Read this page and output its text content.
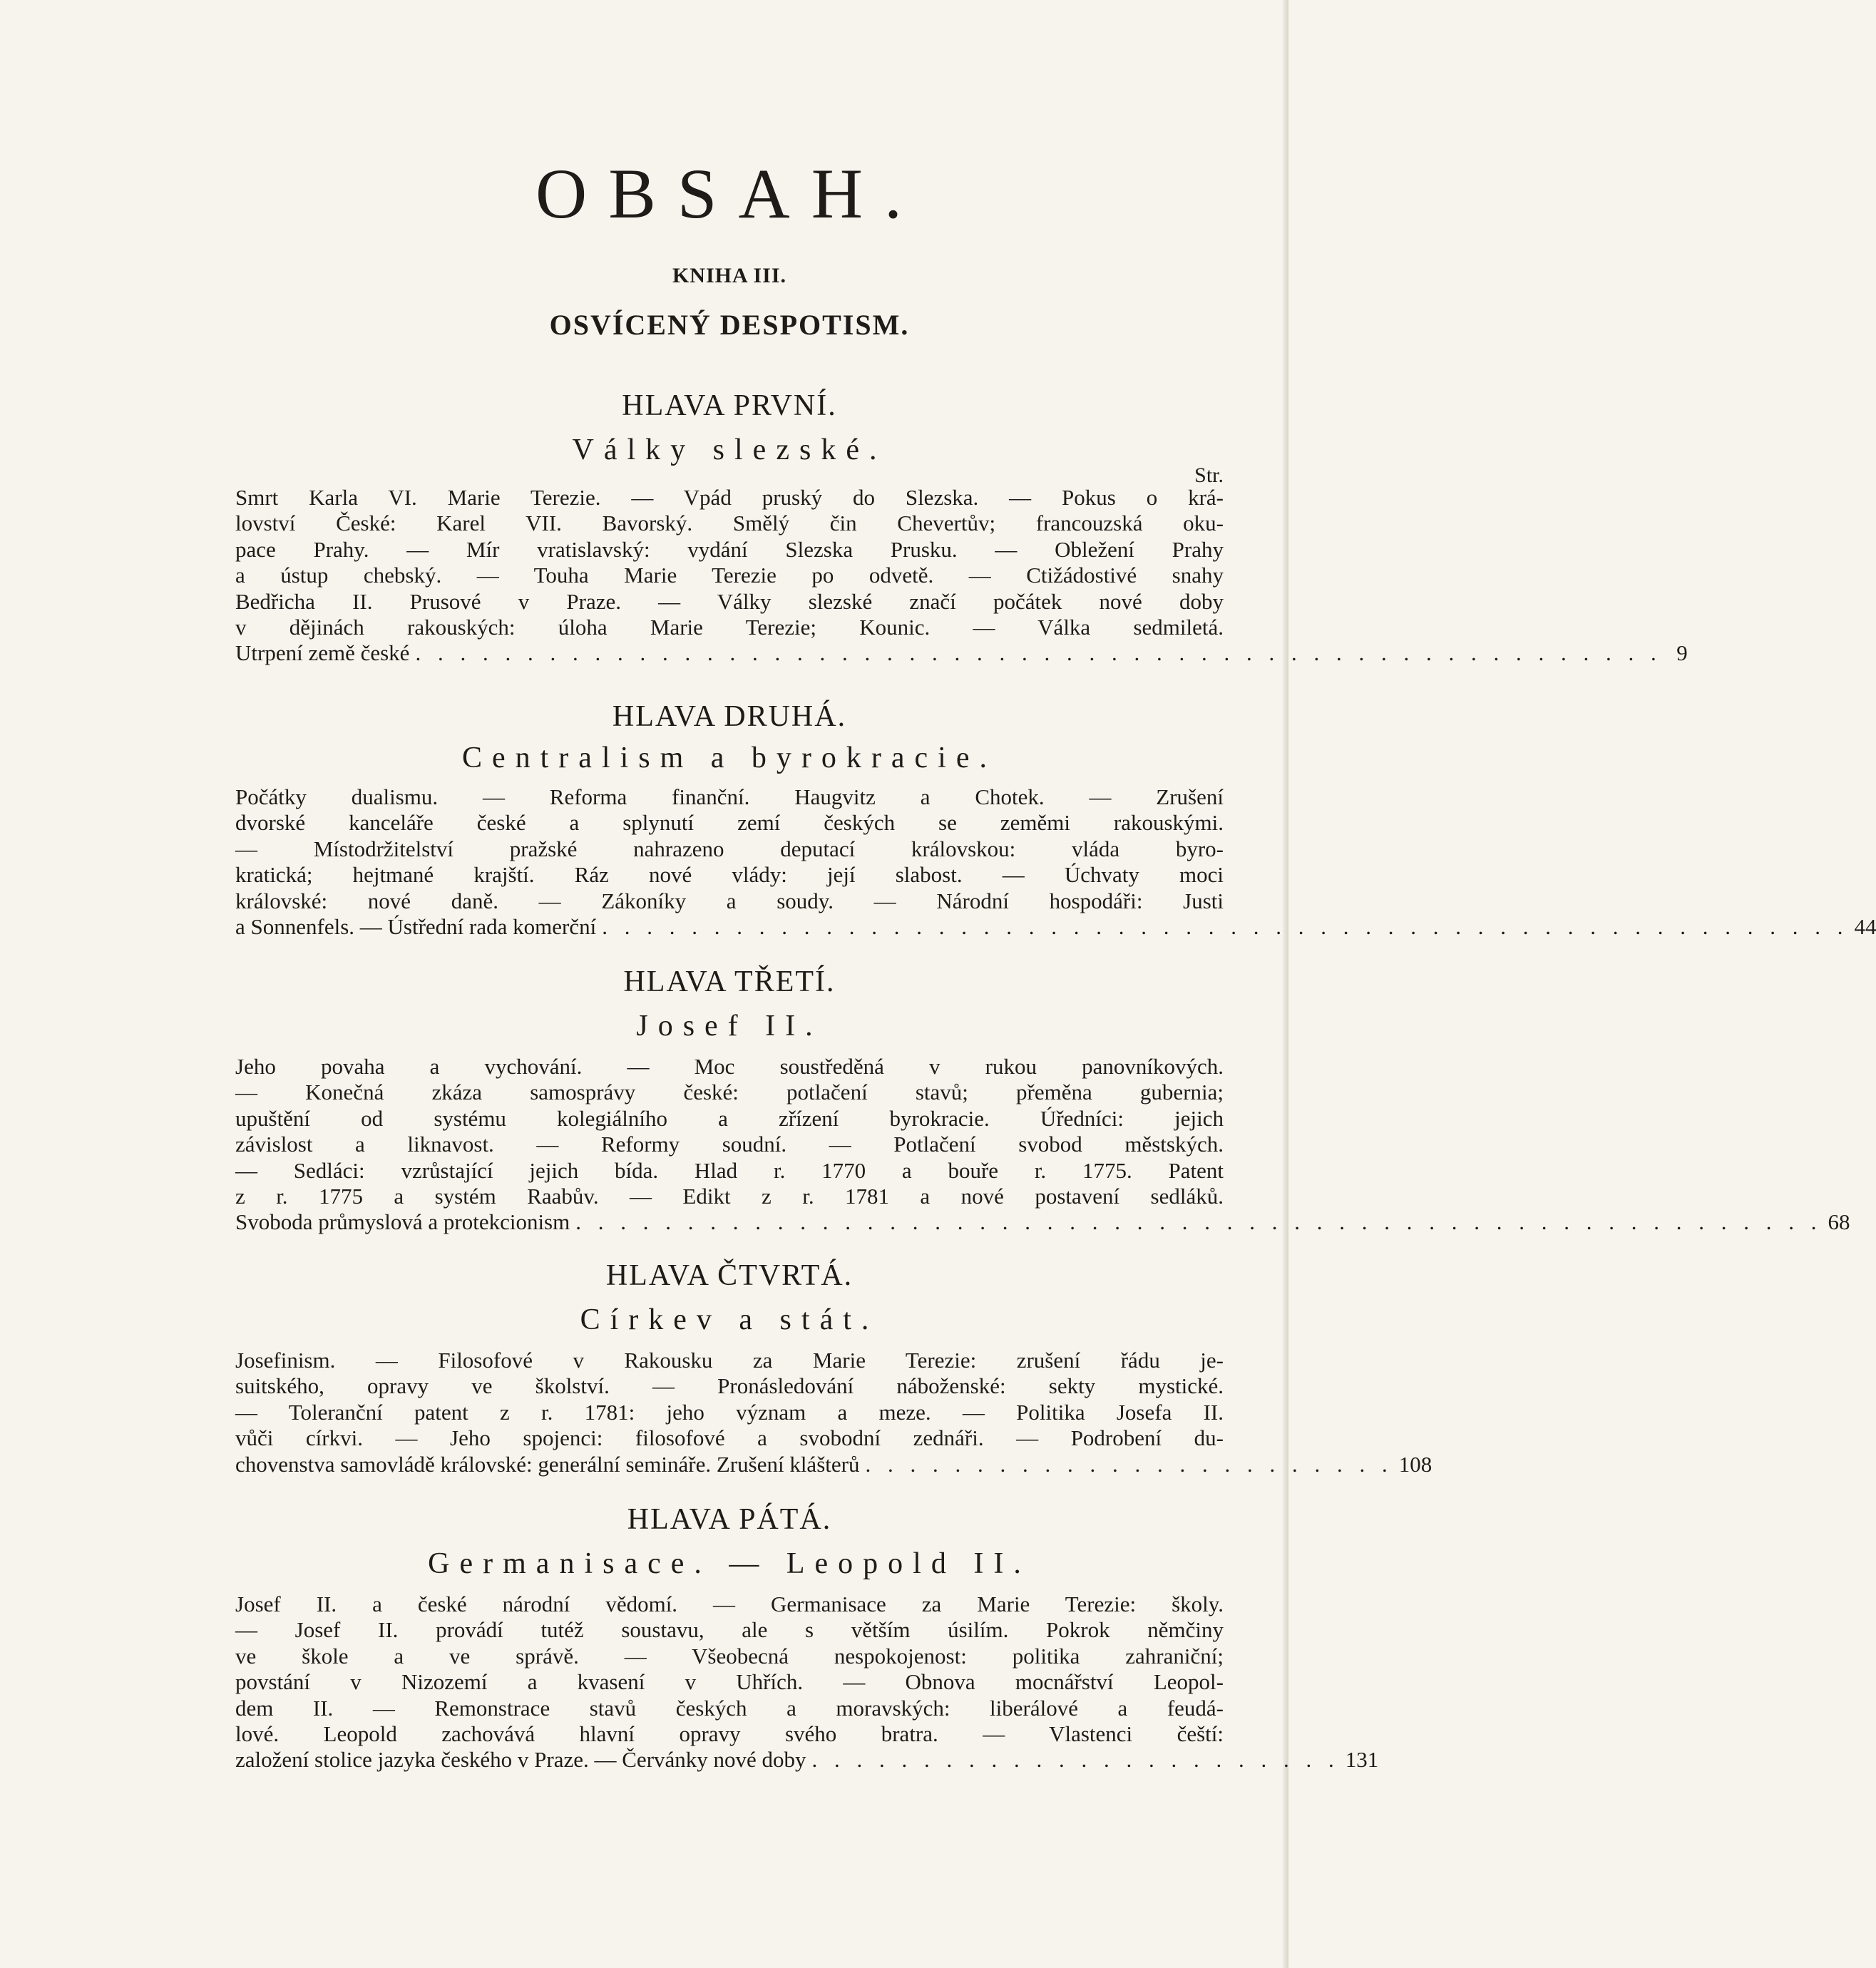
OBSAH.
KNIHA III.
OSVÍCENÝ DESPOTISM.
HLAVA PRVNÍ.
Války slezské.
Str.
Smrt Karla VI. Marie Terezie. — Vpád pruský do Slezska. — Pokus o krá-
lovství České: Karel VII. Bavorský. Smělý čin Chevertův; francouzská oku-
pace Prahy. — Mír vratislavský: vydání Slezska Prusku. — Obležení Prahy
a ústup chebský. — Touha Marie Terezie po odvetě. — Ctižádostivé snahy
Bedřicha II. Prusové v Praze. — Války slezské značí počátek nové doby
v dějinách rakouských: úloha Marie Terezie; Kounic. — Válka sedmiletá.
Utrpení země české . . . . . . . . . . . . . . . . . . . . . . . . . . . . . . . . . . . . . . . . . . . . . . . . . . . . . . . . 9
HLAVA DRUHÁ.
Centralism a byrokracie.
Počátky dualismu. — Reforma finanční. Haugvitz a Chotek. — Zrušení
dvorské kanceláře české a splynutí zemí českých se zeměmi rakouskými.
— Místodržitelství pražské nahrazeno deputací královskou: vláda byro-
kratická; hejtmané krajští. Ráz nové vlády: její slabost. — Úchvaty moci
královské: nové daně. — Zákoníky a soudy. — Národní hospodáři: Justi
a Sonnenfels. — Ústřední rada komerční . . . . . . . . . . . . . . . . . . . . . . . . . . . . . . . . . . . . . . . . . . . . . . . . . . . . . . . . 44
HLAVA TŘETÍ.
Josef II.
Jeho povaha a vychování. — Moc soustředěná v rukou panovníkových.
— Konečná zkáza samosprávy české: potlačení stavů; přeměna gubernia;
upuštění od systému kolegiálního a zřízení byrokracie. Úředníci: jejich
závislost a liknavost. — Reformy soudní. — Potlačení svobod městských.
— Sedláci: vzrůstající jejich bída. Hlad r. 1770 a bouře r. 1775. Patent
z r. 1775 a systém Raabův. — Edikt z r. 1781 a nové postavení sedláků.
Svoboda průmyslová a protekcionism . . . . . . . . . . . . . . . . . . . . . . . . . . . . . . . . . . . . . . . . . . . . . . . . . . . . . . . . 68
HLAVA ČTVRTÁ.
Církev a stát.
Josefinism. — Filosofové v Rakousku za Marie Terezie: zrušení řádu je-
suitského, opravy ve školství. — Pronásledování náboženské: sekty mystické.
— Toleranční patent z r. 1781: jeho význam a meze. — Politika Josefa II.
vůči církvi. — Jeho spojenci: filosofové a svobodní zednáři. — Podrobení du-
chovenstva samovládě královské: generální semináře. Zrušení klášterů . . . . . . . . . . . . . . . . . . . . . . . . 108
HLAVA PÁTÁ.
Germanisace. — Leopold II.
Josef II. a české národní vědomí. — Germanisace za Marie Terezie: školy.
— Josef II. provádí tutéž soustavu, ale s větším úsilím. Pokrok němčiny
ve škole a ve správě. — Všeobecná nespokojenost: politika zahraniční;
povstání v Nizozemí a kvasení v Uhřích. — Obnova mocnářství Leopol-
dem II. — Remonstrace stavů českých a moravských: liberálové a feudá-
lové. Leopold zachovává hlavní opravy svého bratra. — Vlastenci čeští:
založení stolice jazyka českého v Praze. — Červánky nové doby . . . . . . . . . . . . . . . . . . . . . . . . 131
